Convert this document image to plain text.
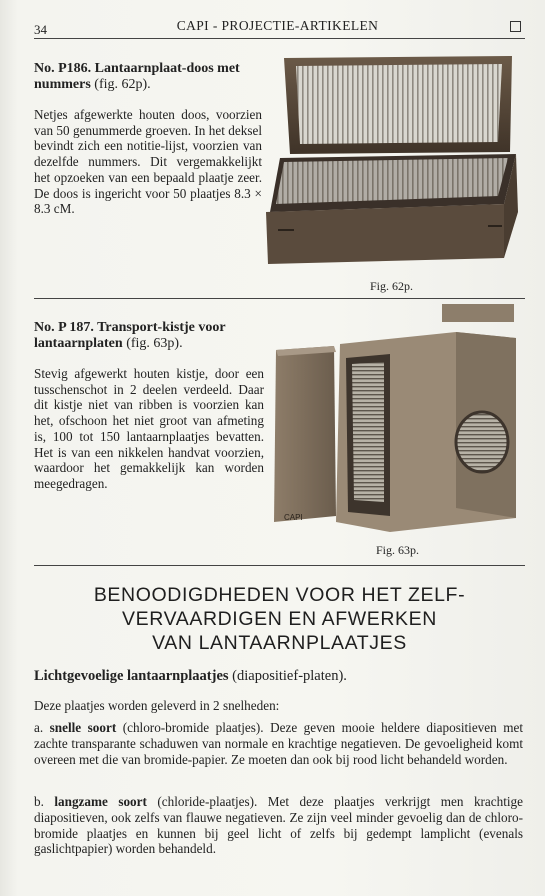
34	CAPI - PROJECTIE-ARTIKELEN
No. P186. Lantaarnplaat-doos met nummers (fig. 62p).

Netjes afgewerkte houten doos, voorzien van 50 genummerde groeven. In het deksel bevindt zich een notitie-lijst, voorzien van dezelfde nummers. Dit vergemakkelijkt het opzoeken van een bepaald plaatje zeer. De doos is ingericht voor 50 plaatjes 8.3 × 8.3 cM.

Fig. 62p.
No. P 187. Transport-kistje voor lantaarnplaten (fig. 63p).

Stevig afgewerkt houten kistje, door een tusschenschot in 2 deelen verdeeld. Daar dit kistje niet van ribben is voorzien kan het, ofschoon het niet groot van afmeting is, 100 tot 150 lantaarnplaatjes bevatten. Het is van een nikkelen handvat voorzien, waardoor het gemakkelijk kan worden meegedragen.

CAPI
Fig. 63p.
BENOODIGDHEDEN VOOR HET ZELF-
VERVAARDIGEN EN AFWERKEN
VAN LANTAARNPLAATJES
Lichtgevoelige lantaarnplaatjes (diapositief-platen).
Deze plaatjes worden geleverd in 2 snelheden:
a. snelle soort (chloro-bromide plaatjes). Deze geven mooie heldere diapositieven met zachte transparante schaduwen van normale en krachtige negatieven. De gevoeligheid komt overeen met die van bromide-papier. Ze moeten dan ook bij rood licht behandeld worden.
b. langzame soort (chloride-plaatjes). Met deze plaatjes verkrijgt men krachtige diapositieven, ook zelfs van flauwe negatieven. Ze zijn veel minder gevoelig dan de chloro-bromide plaatjes en kunnen bij geel licht of zelfs bij gedempt lamplicht (evenals gaslichtpapier) worden behandeld.
